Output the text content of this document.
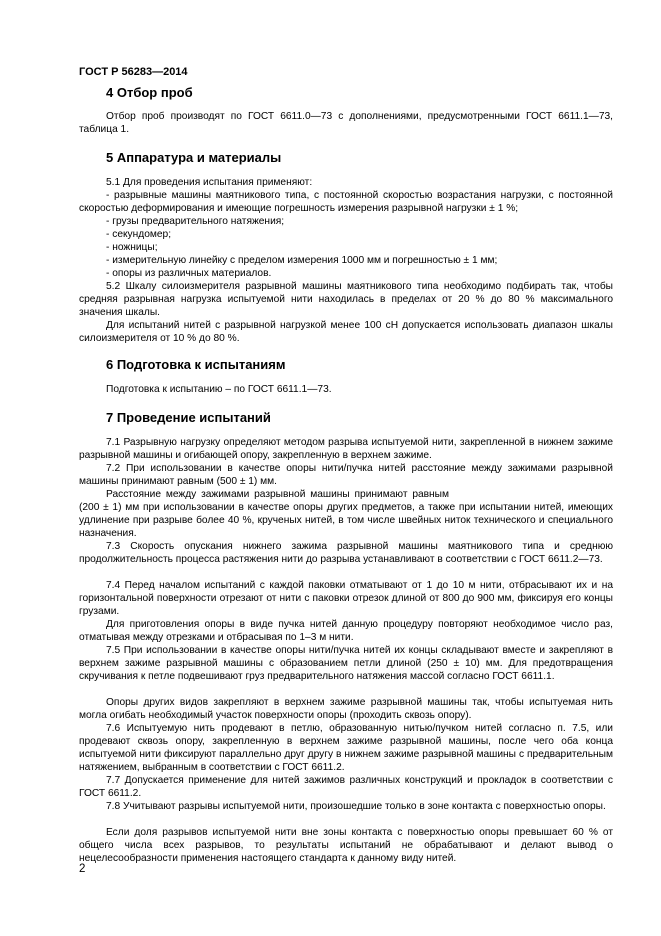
ГОСТ Р 56283—2014
4 Отбор проб

Отбор проб производят по ГОСТ 6611.0—73 с дополнениями, предусмотренными ГОСТ 6611.1—73, таблица 1.

5 Аппаратура и материалы

5.1 Для проведения испытания применяют:

- разрывные машины маятникового типа, с постоянной скоростью возрастания нагрузки, с постоянной скоростью деформирования и имеющие погрешность измерения разрывной нагрузки ± 1 %;

- грузы предварительного натяжения;

- секундомер;

- ножницы;

- измерительную линейку с пределом измерения 1000 мм и погрешностью ± 1 мм;

- опоры из различных материалов.

5.2 Шкалу силоизмерителя разрывной машины маятникового типа необходимо подбирать так, чтобы средняя разрывная нагрузка испытуемой нити находилась в пределах от 20 % до 80 % максимального значения шкалы.

Для испытаний нитей с разрывной нагрузкой менее 100 сН допускается использовать диапазон шкалы силоизмерителя от 10 % до 80 %.

6 Подготовка к испытаниям

Подготовка к испытанию – по ГОСТ 6611.1—73.

7 Проведение испытаний

7.1 Разрывную нагрузку определяют методом разрыва испытуемой нити, закрепленной в нижнем зажиме разрывной машины и огибающей опору, закрепленную в верхнем зажиме.

7.2 При использовании в качестве опоры нити/пучка нитей расстояние между зажимами разрывной машины принимают равным (500 ± 1) мм.

Расстояние между зажимами разрывной машины принимают равным

(200 ± 1) мм при использовании в качестве опоры других предметов, а также при испытании нитей, имеющих удлинение при разрыве более 40 %, крученых нитей, в том числе швейных ниток технического и специального назначения.

7.3 Скорость опускания нижнего зажима разрывной машины маятникового типа и среднюю продолжительность процесса растяжения нити до разрыва устанавливают в соответствии с ГОСТ 6611.2—73.

7.4 Перед началом испытаний с каждой паковки отматывают от 1 до 10 м нити, отбрасывают их и на горизонтальной поверхности отрезают от нити с паковки отрезок длиной от 800 до 900 мм, фиксируя его концы грузами.

Для приготовления опоры в виде пучка нитей данную процедуру повторяют необходимое число раз, отматывая между отрезками и отбрасывая по 1–3 м нити.

7.5 При использовании в качестве опоры нити/пучка нитей их концы складывают вместе и закрепляют в верхнем зажиме разрывной машины с образованием петли длиной (250 ± 10) мм. Для предотвращения скручивания к петле подвешивают груз предварительного натяжения массой согласно ГОСТ 6611.1.

Опоры других видов закрепляют в верхнем зажиме разрывной машины так, чтобы испытуемая нить могла огибать необходимый участок поверхности опоры (проходить сквозь опору).

7.6 Испытуемую нить продевают в петлю, образованную нитью/пучком нитей согласно п. 7.5, или продевают сквозь опору, закрепленную в верхнем зажиме разрывной машины, после чего оба конца испытуемой нити фиксируют параллельно друг другу в нижнем зажиме разрывной машины с предварительным натяжением, выбранным в соответствии с ГОСТ 6611.2.

7.7 Допускается применение для нитей зажимов различных конструкций и прокладок в соответствии с ГОСТ 6611.2.

7.8 Учитывают разрывы испытуемой нити, произошедшие только в зоне контакта с поверхностью опоры.

Если доля разрывов испытуемой нити вне зоны контакта с поверхностью опоры превышает 60 % от общего числа всех разрывов, то результаты испытаний не обрабатывают и делают вывод о нецелесообразности применения настоящего стандарта к данному виду нитей.

2
